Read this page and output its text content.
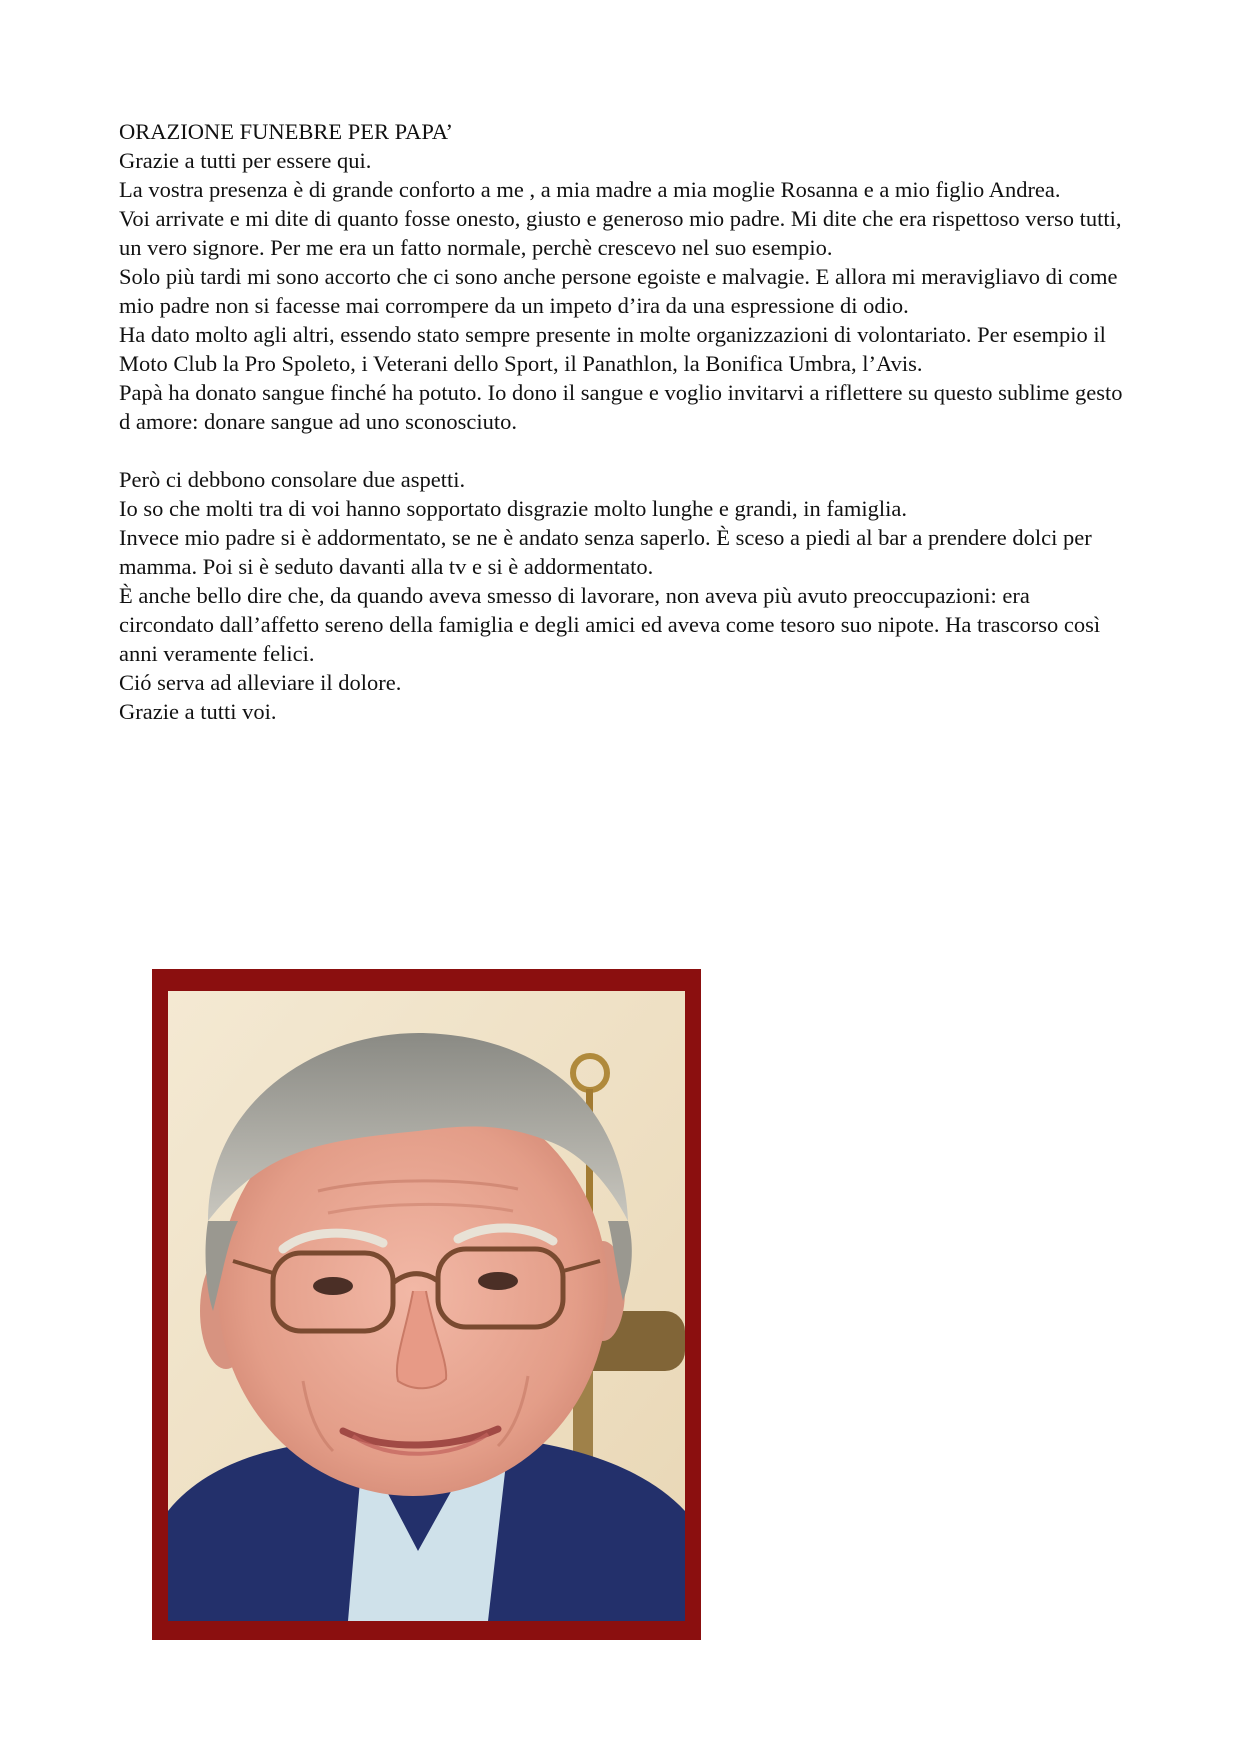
ORAZIONE FUNEBRE PER PAPA’

Grazie a tutti per essere qui.

La vostra presenza è di grande conforto a me , a mia madre a mia moglie Rosanna e a mio figlio Andrea.

Voi arrivate e mi dite di quanto fosse onesto, giusto e generoso mio padre. Mi dite che era rispettoso verso tutti, un vero signore. Per me era un fatto normale, perchè crescevo nel suo esempio.

Solo più tardi mi sono accorto che ci sono anche persone egoiste e malvagie. E allora mi meravigliavo di come mio padre non si facesse mai corrompere da un impeto d’ira da una espressione di odio.

Ha dato molto agli altri, essendo stato sempre presente in molte organizzazioni di volontariato. Per esempio il Moto Club la Pro Spoleto, i Veterani dello Sport, il Panathlon, la Bonifica Umbra, l’Avis.

Papà ha donato sangue finché ha potuto. Io dono il sangue e voglio invitarvi a riflettere su questo sublime gesto d amore: donare sangue ad uno sconosciuto.

Però ci debbono consolare due aspetti.

Io so che molti tra di voi hanno sopportato disgrazie molto lunghe e grandi, in famiglia.

Invece mio padre si è addormentato, se ne è andato senza saperlo. È sceso a piedi al bar a prendere dolci per mamma. Poi si è seduto davanti alla tv e si è addormentato.

È anche bello dire che, da quando aveva smesso di lavorare, non aveva più avuto preoccupazioni: era circondato dall’affetto sereno della famiglia e degli amici ed aveva come tesoro suo nipote. Ha trascorso così anni veramente felici.

Ció serva ad alleviare il dolore.

Grazie a tutti voi.
